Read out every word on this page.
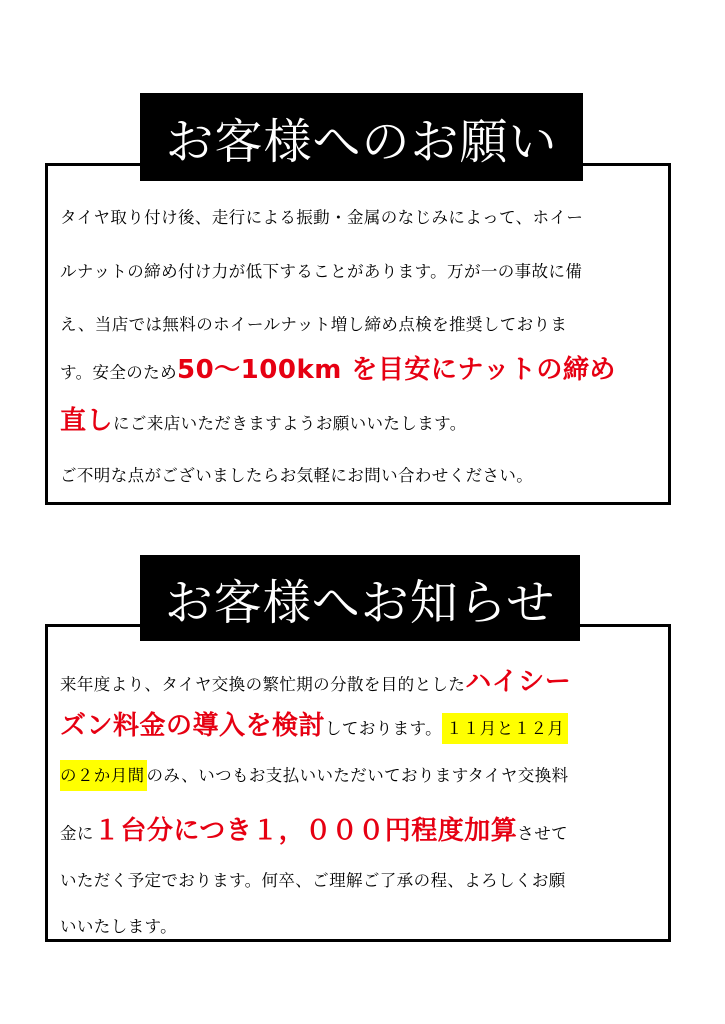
お客様へのお願い
タイヤ取り付け後、走行による振動・金属のなじみによって、ホイー
ルナットの締め付け力が低下することがあります。万が一の事故に備
え、当店では無料のホイールナット増し締め点検を推奨しておりま
す。安全のため50～100km を目安にナットの締め
直しにご来店いただきますようお願いいたします。
ご不明な点がございましたらお気軽にお問い合わせください。
お客様へお知らせ
来年度より、タイヤ交換の繁忙期の分散を目的としたハイシー
ズン料金の導入を検討しております。 １１月と１２月
の２か月間 のみ、いつもお支払いいただいておりますタイヤ交換料
金に１台分につき１，０００円程度加算させて
いただく予定でおります。何卒、ご理解ご了承の程、よろしくお願
いいたします。
